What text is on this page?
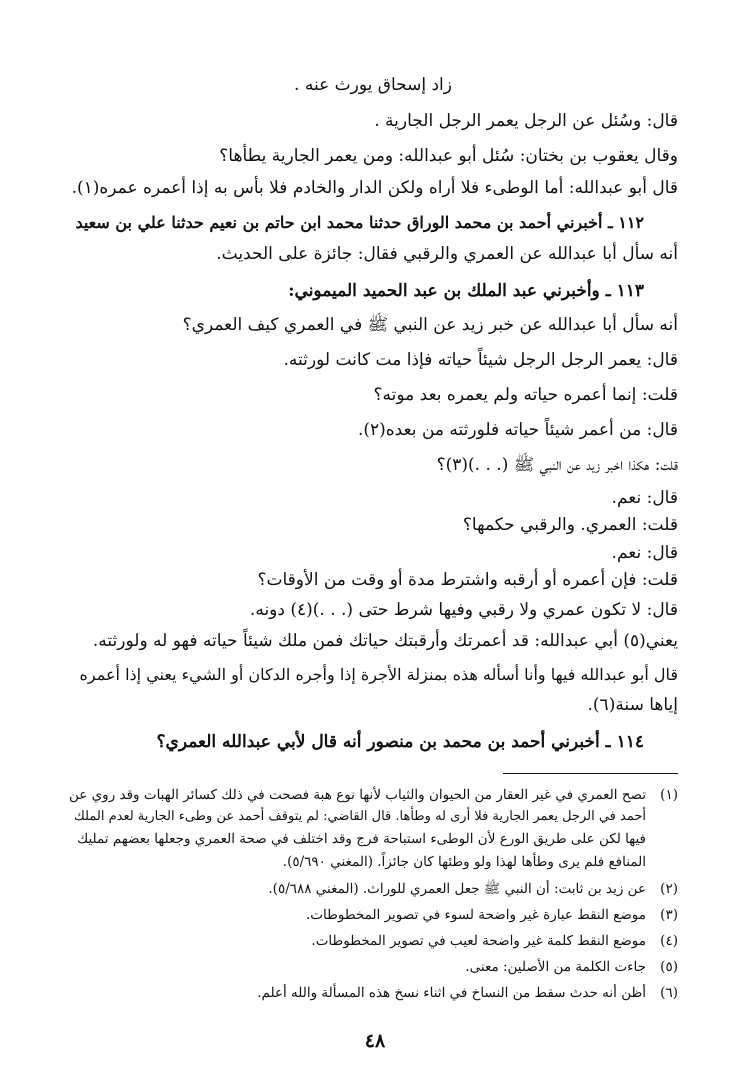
زاد إسحاق يورث عنه .
قال: وسُئل عن الرجل يعمر الرجل الجارية .
وقال يعقوب بن بختان: سُئل أبو عبدالله: ومن يعمر الجارية يطأها؟
قال أبو عبدالله: أما الوطىء فلا أراه ولكن الدار والخادم فلا بأس به إذا أعمره عمره(١).
١١٢ ـ أخبرني أحمد بن محمد الوراق حدثنا محمد ابن حاتم بن نعيم حدثنا علي بن سعيد
أنه سأل أبا عبدالله عن العمري والرقبي فقال: جائزة على الحديث.
١١٣ ـ وأخبرني عبد الملك بن عبد الحميد الميموني:
أنه سأل أبا عبدالله عن خبر زيد عن النبي ﷺ في العمري كيف العمري؟
قال: يعمر الرجل الرجل شيئاً حياته فإذا مت كانت لورثته.
قلت: إنما أعمره حياته ولم يعمره بعد موته؟
قال: من أعمر شيئاً حياته فلورثته من بعده(٢).
قلت: هكذا اخبر زيد عن النبي ﷺ (. . .)(٣)؟
قال: نعم.
قلت: العمري. والرقبي حكمها؟
قال: نعم.
قلت: فإن أعمره أو أرقبه واشترط مدة أو وقت من الأوقات؟
قال: لا تكون عمري ولا رقبي وفيها شرط حتى (. . .)(٤) دونه.
يعني(٥) أبي عبدالله: قد أعمرتك وأرقبتك حياتك فمن ملك شيئاً حياته فهو له ولورثته.
قال أبو عبدالله فيها وأنا أسأله هذه بمنزلة الأجرة إذا وأجره الدكان أو الشيء يعني إذا أعمره
إياها سنة(٦).
١١٤ ـ أخبرني أحمد بن محمد بن منصور أنه قال لأبي عبدالله العمري؟
(١)
تصح العمري في غير العقار من الحيوان والثياب لأنها نوع هبة فصحت في ذلك كسائر الهبات وقد روي عن
أحمد في الرجل يعمر الجارية فلا أرى له وطأها. قال القاضي: لم يتوقف أحمد عن وطىء الجارية لعدم الملك
فيها لكن على طريق الورع لأن الوطىء استباحة فرج وقد اختلف في صحة العمري وجعلها بعضهم تمليك
المنافع فلم يرى وطأها لهذا ولو وطئها كان جائزاً. (المغني ٥/٦٩٠).
(٢)
عن زيد بن ثابت: أن النبي ﷺ جعل العمري للوراث. (المغني ٥/٦٨٨).
(٣)
موضع النقط عبارة غير واضحة لسوء في تصوير المخطوطات.
(٤)
موضع النقط كلمة غير واضحة لعيب في تصوير المخطوطات.
(٥)
جاءت الكلمة من الأصلين: معنى.
(٦)
أظن أنه حدث سقط من النساخ في اثناء نسخ هذه المسألة والله أعلم.
٤٨
